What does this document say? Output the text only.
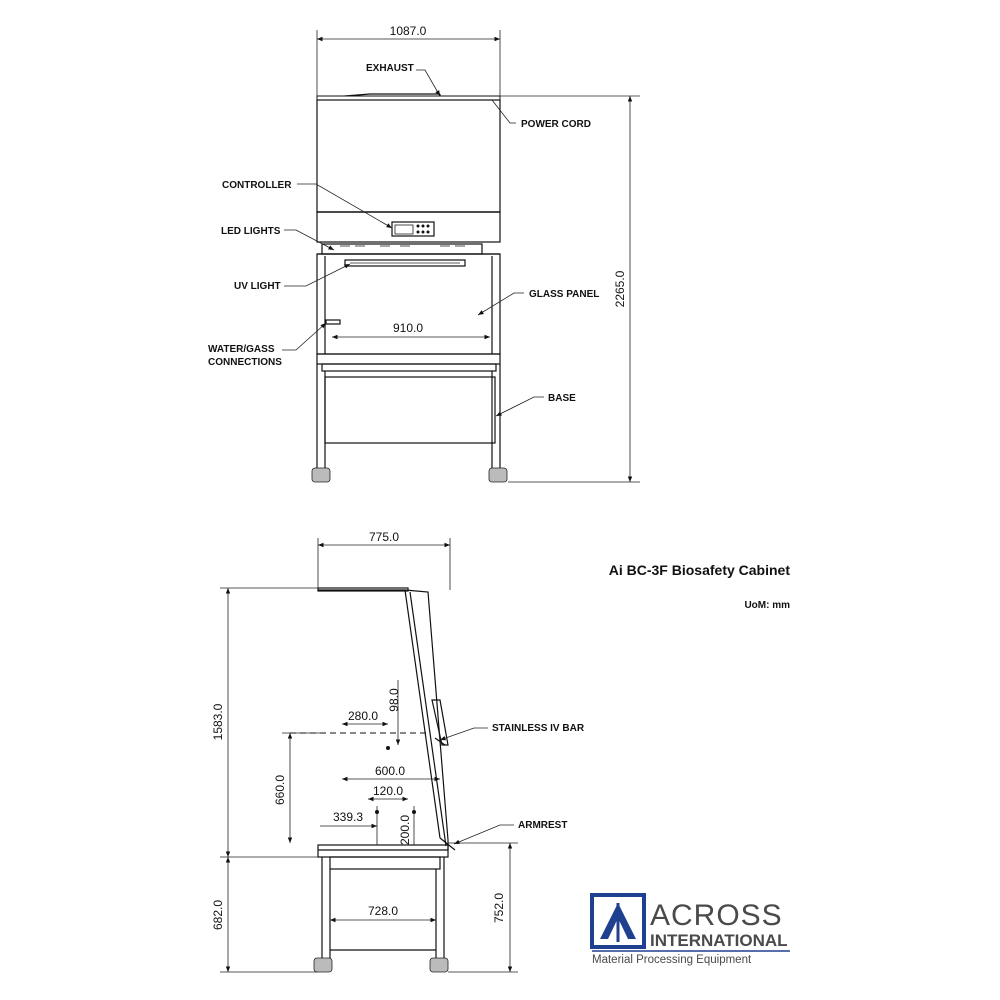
1087.0
910.0
2265.0
EXHAUST
POWER CORD
CONTROLLER
LED LIGHTS
UV LIGHT
GLASS PANEL
WATER/GASS
CONNECTIONS
BASE
Ai BC-3F Biosafety Cabinet
UoM: mm
775.0
728.0
1583.0
682.0
660.0
752.0
280.0
98.0
600.0
120.0
339.3	200.0
STAINLESS IV BAR
ARMREST
ACROSS
INTERNATIONAL
Material Processing Equipment
